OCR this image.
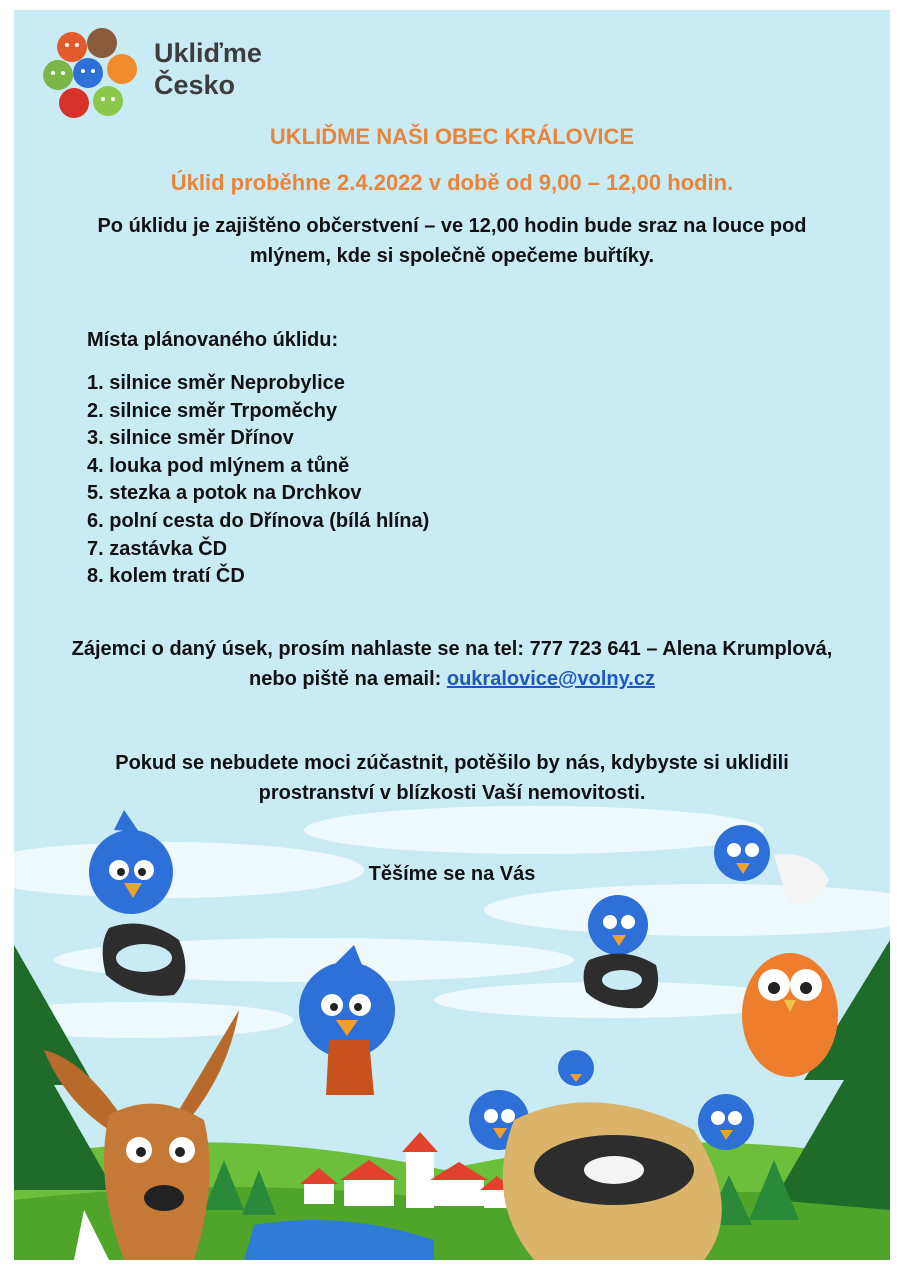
Ukliďme
Česko
UKLIĎME NAŠI OBEC KRÁLOVICE
Úklid proběhne 2.4.2022 v době od 9,00 – 12,00 hodin.
Po úklidu je zajištěno občerstvení – ve 12,00 hodin bude sraz na louce pod mlýnem, kde si společně opečeme buřtíky.
Místa plánovaného úklidu:
1. silnice směr Neprobylice
2. silnice směr Trpoměchy
3. silnice směr Dřínov
4. louka pod mlýnem a tůně
5. stezka a potok na Drchkov
6. polní cesta do Dřínova (bílá hlína)
7. zastávka ČD
8. kolem tratí ČD
Zájemci o daný úsek, prosím nahlaste se na tel: 777 723 641 – Alena Krumplová, nebo piště na email: oukralovice@volny.cz
Pokud se nebudete moci zúčastnit, potěšilo by nás, kdybyste si uklidili prostranství v blízkosti Vaší nemovitosti.
Těšíme se na Vás
